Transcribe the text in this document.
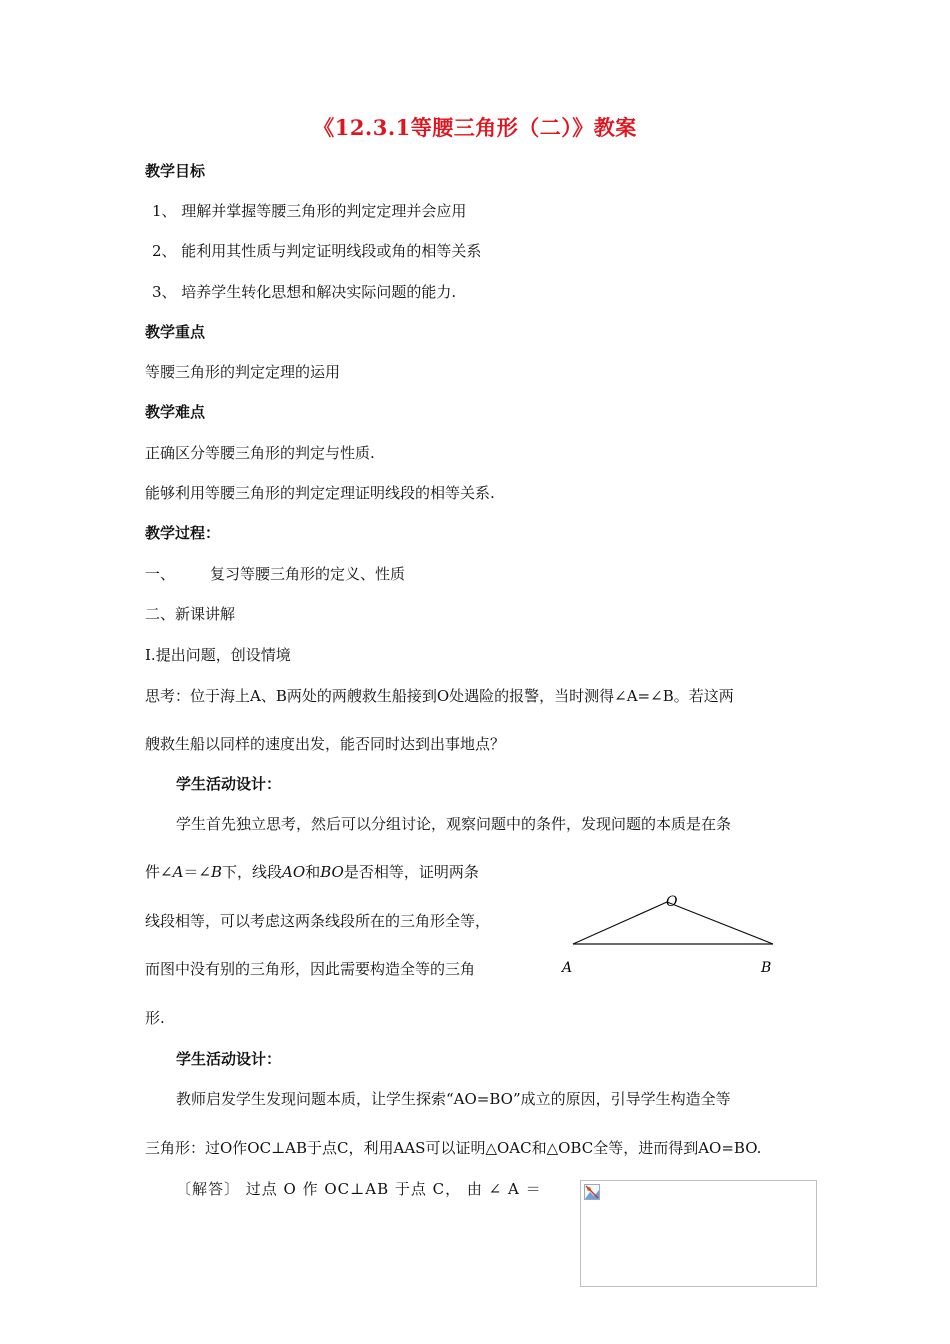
《12.3.1等腰三角形（二）》教案
教学目标
1、 理解并掌握等腰三角形的判定定理并会应用
2、 能利用其性质与判定证明线段或角的相等关系
3、 培养学生转化思想和解决实际问题的能力.
教学重点
等腰三角形的判定定理的运用
教学难点
正确区分等腰三角形的判定与性质.
能够利用等腰三角形的判定定理证明线段的相等关系.
教学过程：
一、 复习等腰三角形的定义、性质
二、新课讲解
I.提出问题，创设情境
思考：位于海上A、B两处的两艘救生船接到O处遇险的报警，当时测得∠A=∠B。若这两
艘救生船以同样的速度出发，能否同时达到出事地点？
学生活动设计：
学生首先独立思考，然后可以分组讨论，观察问题中的条件，发现问题的本质是在条
件∠A＝∠B下，线段AO和BO是否相等，证明两条
线段相等，可以考虑这两条线段所在的三角形全等，
而图中没有别的三角形，因此需要构造全等的三角
形.
O
A	B
学生活动设计：
教师启发学生发现问题本质，让学生探索“AO=BO”成立的原因，引导学生构造全等
三角形：过O作OC⊥AB于点C，利用AAS可以证明△OAC和△OBC全等，进而得到AO=BO.
〔解答〕 过点 O 作 OC⊥AB 于点 C， 由 ∠ A ＝
